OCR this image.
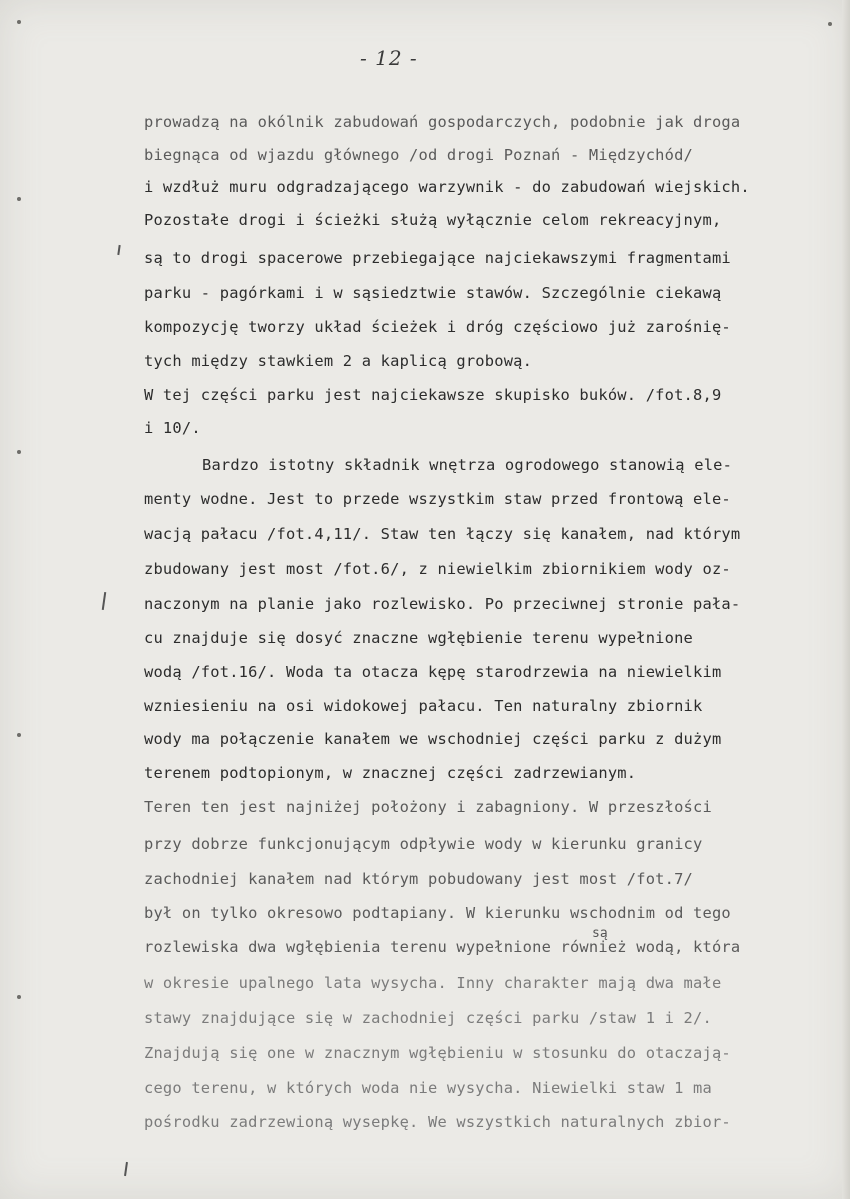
- 12 -
prowadzą na okólnik zabudowań gospodarczych, podobnie jak droga
biegnąca od wjazdu głównego /od drogi Poznań - Międzychód/
i wzdłuż muru odgradzającego warzywnik - do zabudowań wiejskich.
Pozostałe drogi i ścieżki służą wyłącznie celom rekreacyjnym,
są to drogi spacerowe przebiegające najciekawszymi fragmentami
parku - pagórkami i w sąsiedztwie stawów. Szczególnie ciekawą
kompozycję tworzy układ ścieżek i dróg częściowo już zarośnię-
tych między stawkiem 2 a kaplicą grobową.
W tej części parku jest najciekawsze skupisko buków. /fot.8,9
i 10/.
Bardzo istotny składnik wnętrza ogrodowego stanowią ele-
menty wodne. Jest to przede wszystkim staw przed frontową ele-
wacją pałacu /fot.4,11/. Staw ten łączy się kanałem, nad którym
zbudowany jest most /fot.6/, z niewielkim zbiornikiem wody oz-
naczonym na planie jako rozlewisko. Po przeciwnej stronie pała-
cu znajduje się dosyć znaczne wgłębienie terenu wypełnione
wodą /fot.16/. Woda ta otacza kępę starodrzewia na niewielkim
wzniesieniu na osi widokowej pałacu. Ten naturalny zbiornik
wody ma połączenie kanałem we wschodniej części parku z dużym
terenem podtopionym, w znacznej części zadrzewianym.
Teren ten jest najniżej położony i zabagniony. W przeszłości
przy dobrze funkcjonującym odpływie wody w kierunku granicy
zachodniej kanałem nad którym pobudowany jest most /fot.7/
był on tylko okresowo podtapiany. W kierunku wschodnim od tego
rozlewiska dwa wgłębienia terenu wypełnione również wodą, która
w okresie upalnego lata wysycha. Inny charakter mają dwa małe
stawy znajdujące się w zachodniej części parku /staw 1 i 2/.
Znajdują się one w znacznym wgłębieniu w stosunku do otaczają-
cego terenu, w których woda nie wysycha. Niewielki staw 1 ma
pośrodku zadrzewioną wysepkę. We wszystkich naturalnych zbior-
są
